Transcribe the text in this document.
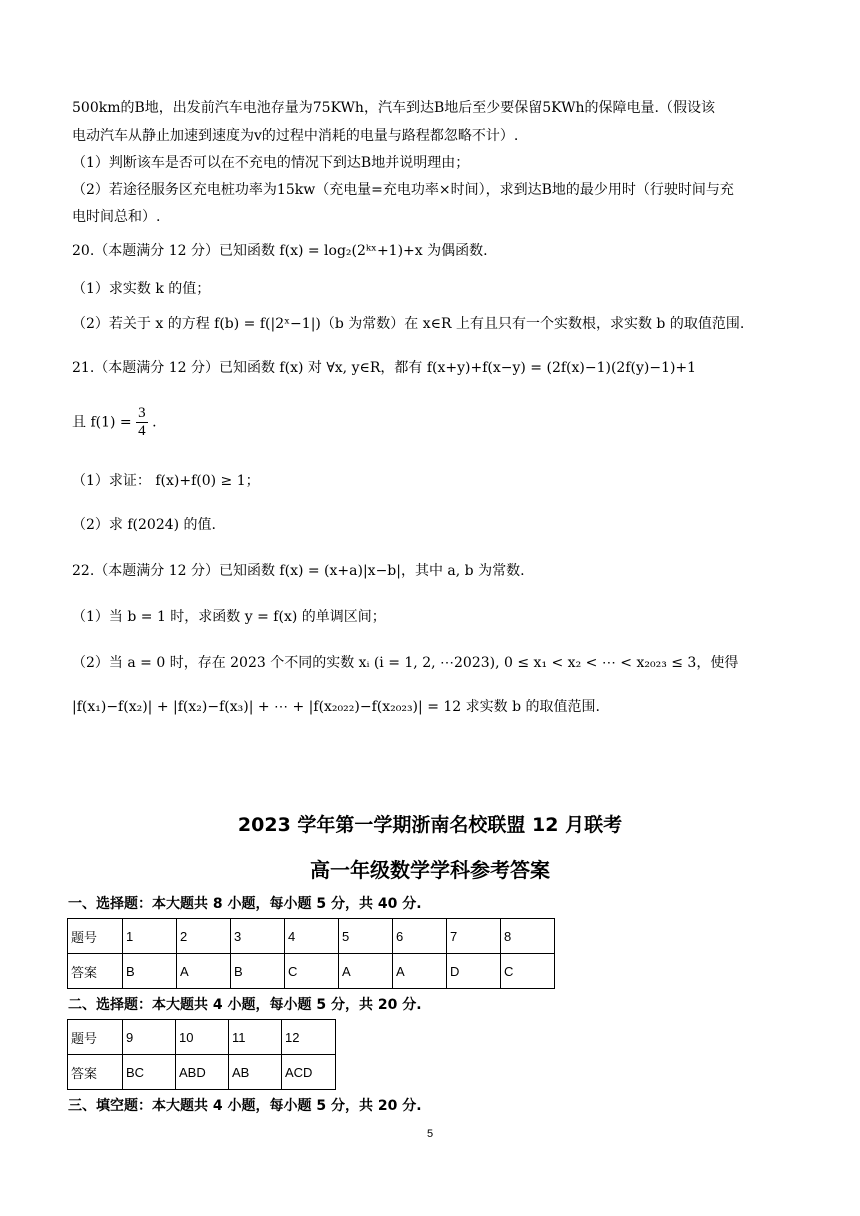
500km的B地，出发前汽车电池存量为75KWh，汽车到达B地后至少要保留5KWh的保障电量.（假设该
电动汽车从静止加速到速度为v的过程中消耗的电量与路程都忽略不计）.
（1）判断该车是否可以在不充电的情况下到达B地并说明理由；
（2）若途径服务区充电桩功率为15kw（充电量=充电功率×时间），求到达B地的最少用时（行驶时间与充
电时间总和）.
20.（本题满分 12 分）已知函数 f(x) = log₂(2ᵏˣ+1)+x 为偶函数.
（1）求实数 k 的值；
（2）若关于 x 的方程 f(b) = f(|2ˣ−1|)（b 为常数）在 x∈R 上有且只有一个实数根，求实数 b 的取值范围.
21.（本题满分 12 分）已知函数 f(x) 对 ∀x, y∈R，都有 f(x+y)+f(x−y) = (2f(x)−1)(2f(y)−1)+1
且 $f(1) = \frac{3}{4}$ .
（1）求证： f(x)+f(0) ≥ 1；
（2）求 f(2024) 的值.
22.（本题满分 12 分）已知函数 f(x) = (x+a)|x−b|，其中 a, b 为常数.
（1）当 b = 1 时，求函数 y = f(x) 的单调区间；
（2）当 a = 0 时，存在 2023 个不同的实数 xᵢ (i = 1, 2, ⋯2023), 0 ≤ x₁ < x₂ < ⋯ < x₂₀₂₃ ≤ 3，使得
|f(x₁)−f(x₂)| + |f(x₂)−f(x₃)| + ⋯ + |f(x₂₀₂₂)−f(x₂₀₂₃)| = 12 求实数 b 的取值范围.
2023 学年第一学期浙南名校联盟 12 月联考
高一年级数学学科参考答案
一、选择题：本大题共 8 小题，每小题 5 分，共 40 分.
题号	1	2	3	4	5	6	7	8
答案	B	A	B	C	A	A	D	C
二、选择题：本大题共 4 小题，每小题 5 分，共 20 分.
题号	9	10	11	12
答案	BC	ABD	AB	ACD
三、填空题：本大题共 4 小题，每小题 5 分，共 20 分.
5
